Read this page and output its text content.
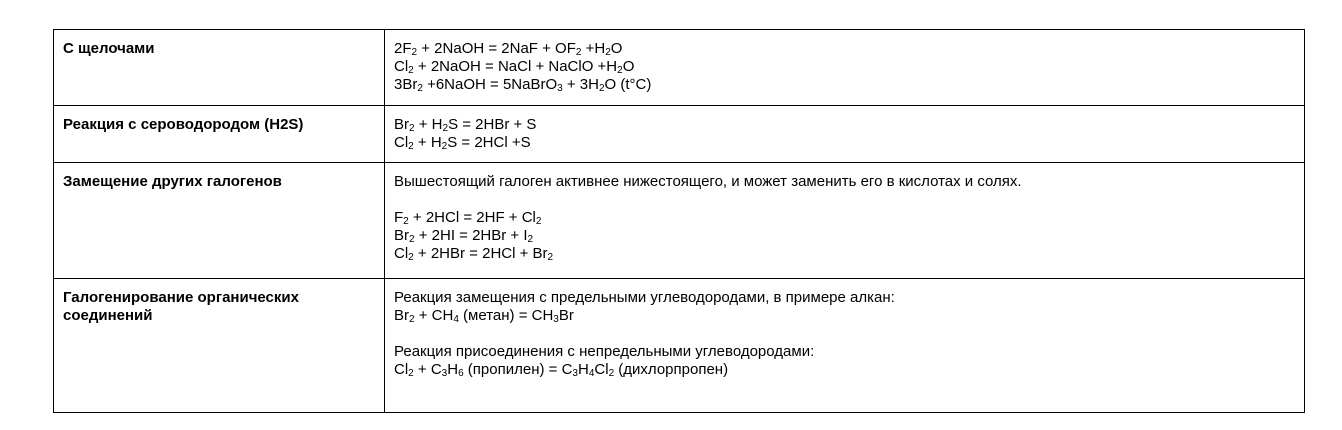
С щелочами	$2F_2$ + 2NaOH = $2NaF + OF_2 +H_2O$
$Cl_2$ + 2NaOH = NaCl + NaClO $+H_2O$
$3Br_2$ +6NaOH = 5NaBrO$_3$ + $3H_2O$ (t°C)

Реакция с сероводородом (H2S)	$Br_2 + H_2S = 2HBr + S$
$Cl_2 + H_2S = 2HCl +S$

Замещение других галогенов	Вышестоящий галоген активнее нижестоящего, и может заменить его в кислотах и солях.
$F_2 + 2HCl = 2HF + Cl_2$
$Br_2 + 2HI = 2HBr + I_2$
$Cl_2 + 2HBr = 2HCl + Br_2$

Галогенирование органических
соединений	Реакция замещения с предельными углеводородами, в примере алкан:
$Br_2 + CH_4$ (метан) = $CH_3Br$
Реакция присоединения с непредельными углеводородами:
$Cl_2 + C_3H_6$ (пропилен) = $C_3H_4Cl_2$ (дихлорпропен)
